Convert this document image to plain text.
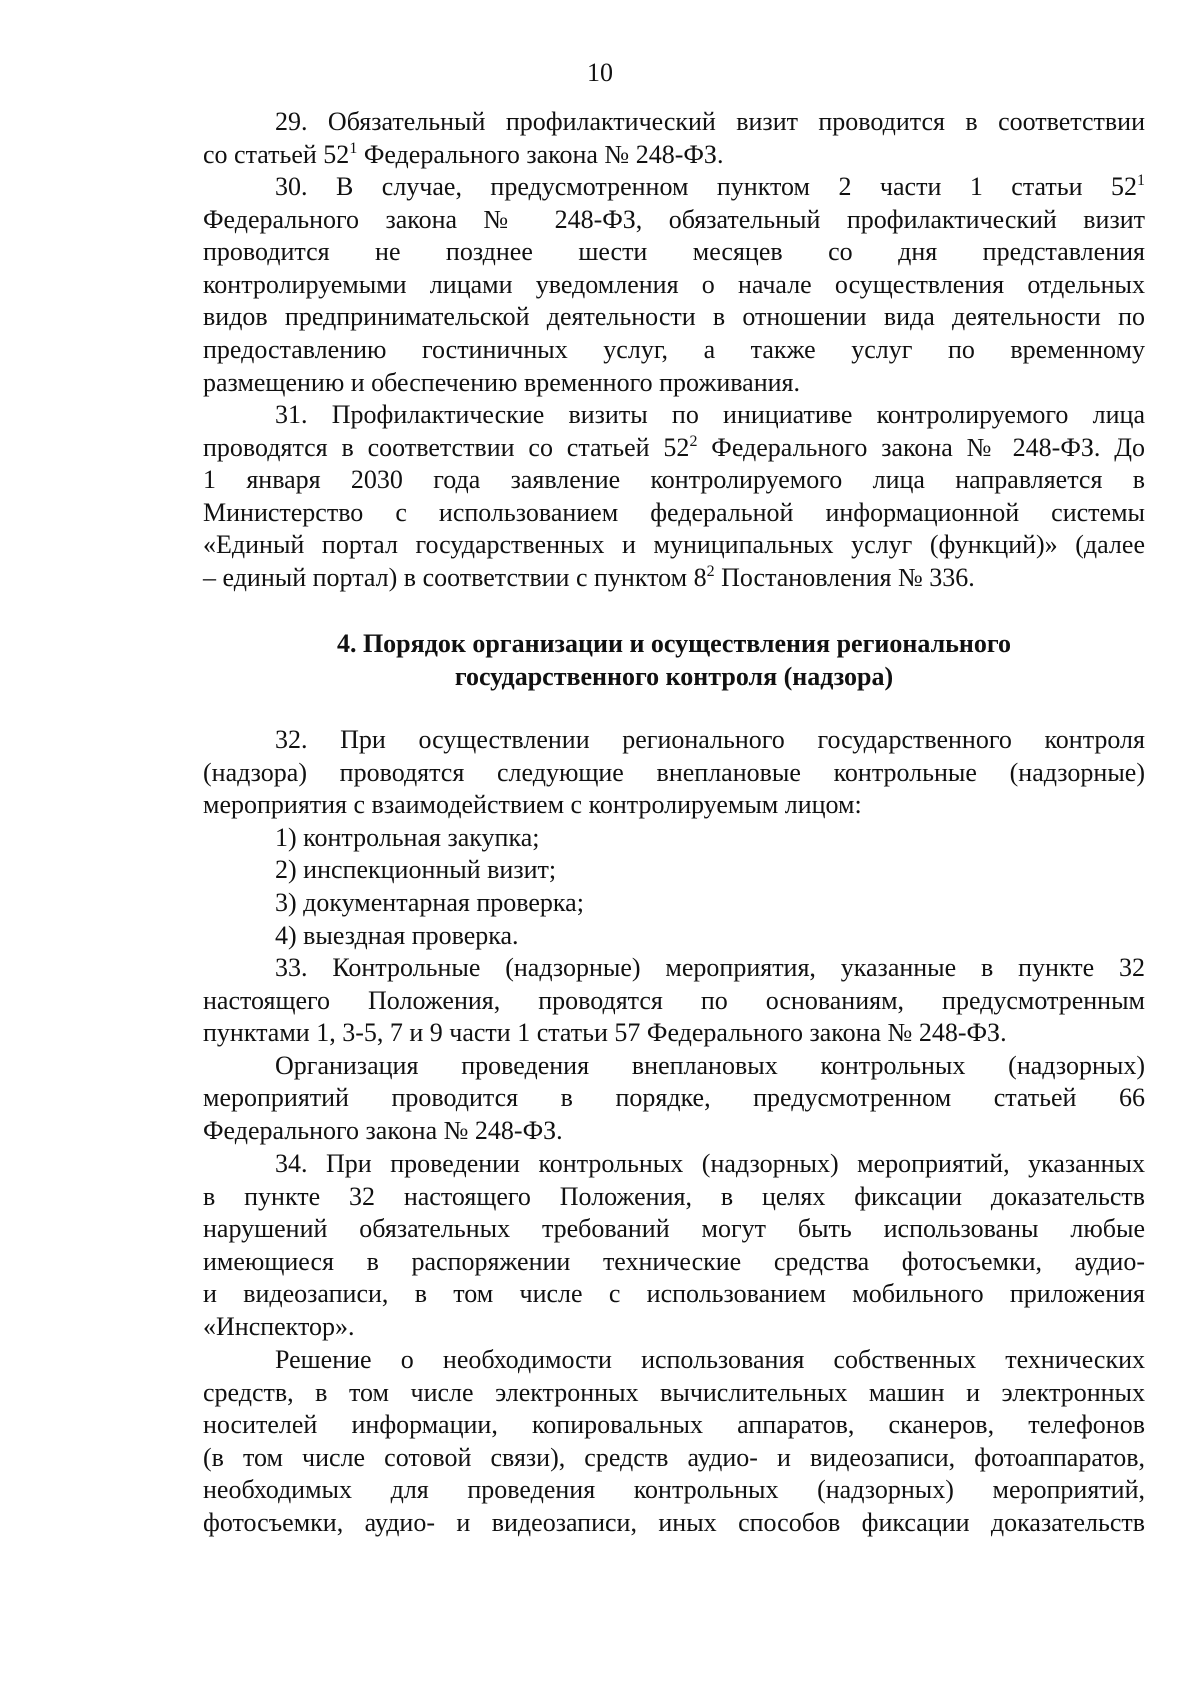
10
29. Обязательный профилактический визит проводится в соответствии
со статьей $52^1$ Федерального закона № 248-ФЗ.
30. В случае, предусмотренном пунктом 2 части 1 статьи $52^1$
Федерального закона № 248-ФЗ, обязательный профилактический визит
проводится не позднее шести месяцев со дня представления
контролируемыми лицами уведомления о начале осуществления отдельных
видов предпринимательской деятельности в отношении вида деятельности по
предоставлению гостиничных услуг, а также услуг по временному
размещению и обеспечению временного проживания.
31. Профилактические визиты по инициативе контролируемого лица
проводятся в соответствии со статьей $52^2$ Федерального закона № 248-ФЗ. До
1 января 2030 года заявление контролируемого лица направляется в
Министерство с использованием федеральной информационной системы
«Единый портал государственных и муниципальных услуг (функций)» (далее
– единый портал) в соответствии с пунктом $8^2$ Постановления № 336.
4. Порядок организации и осуществления регионального
государственного контроля (надзора)
32. При осуществлении регионального государственного контроля
(надзора) проводятся следующие внеплановые контрольные (надзорные)
мероприятия с взаимодействием с контролируемым лицом:
1) контрольная закупка;
2) инспекционный визит;
3) документарная проверка;
4) выездная проверка.
33. Контрольные (надзорные) мероприятия, указанные в пункте 32
настоящего Положения, проводятся по основаниям, предусмотренным
пунктами 1, 3-5, 7 и 9 части 1 статьи 57 Федерального закона № 248-ФЗ.
Организация проведения внеплановых контрольных (надзорных)
мероприятий проводится в порядке, предусмотренном статьей 66
Федерального закона № 248-ФЗ.
34. При проведении контрольных (надзорных) мероприятий, указанных
в пункте 32 настоящего Положения, в целях фиксации доказательств
нарушений обязательных требований могут быть использованы любые
имеющиеся в распоряжении технические средства фотосъемки, аудио-
и видеозаписи, в том числе с использованием мобильного приложения
«Инспектор».
Решение о необходимости использования собственных технических
средств, в том числе электронных вычислительных машин и электронных
носителей информации, копировальных аппаратов, сканеров, телефонов
(в том числе сотовой связи), средств аудио- и видеозаписи, фотоаппаратов,
необходимых для проведения контрольных (надзорных) мероприятий,
фотосъемки, аудио- и видеозаписи, иных способов фиксации доказательств
